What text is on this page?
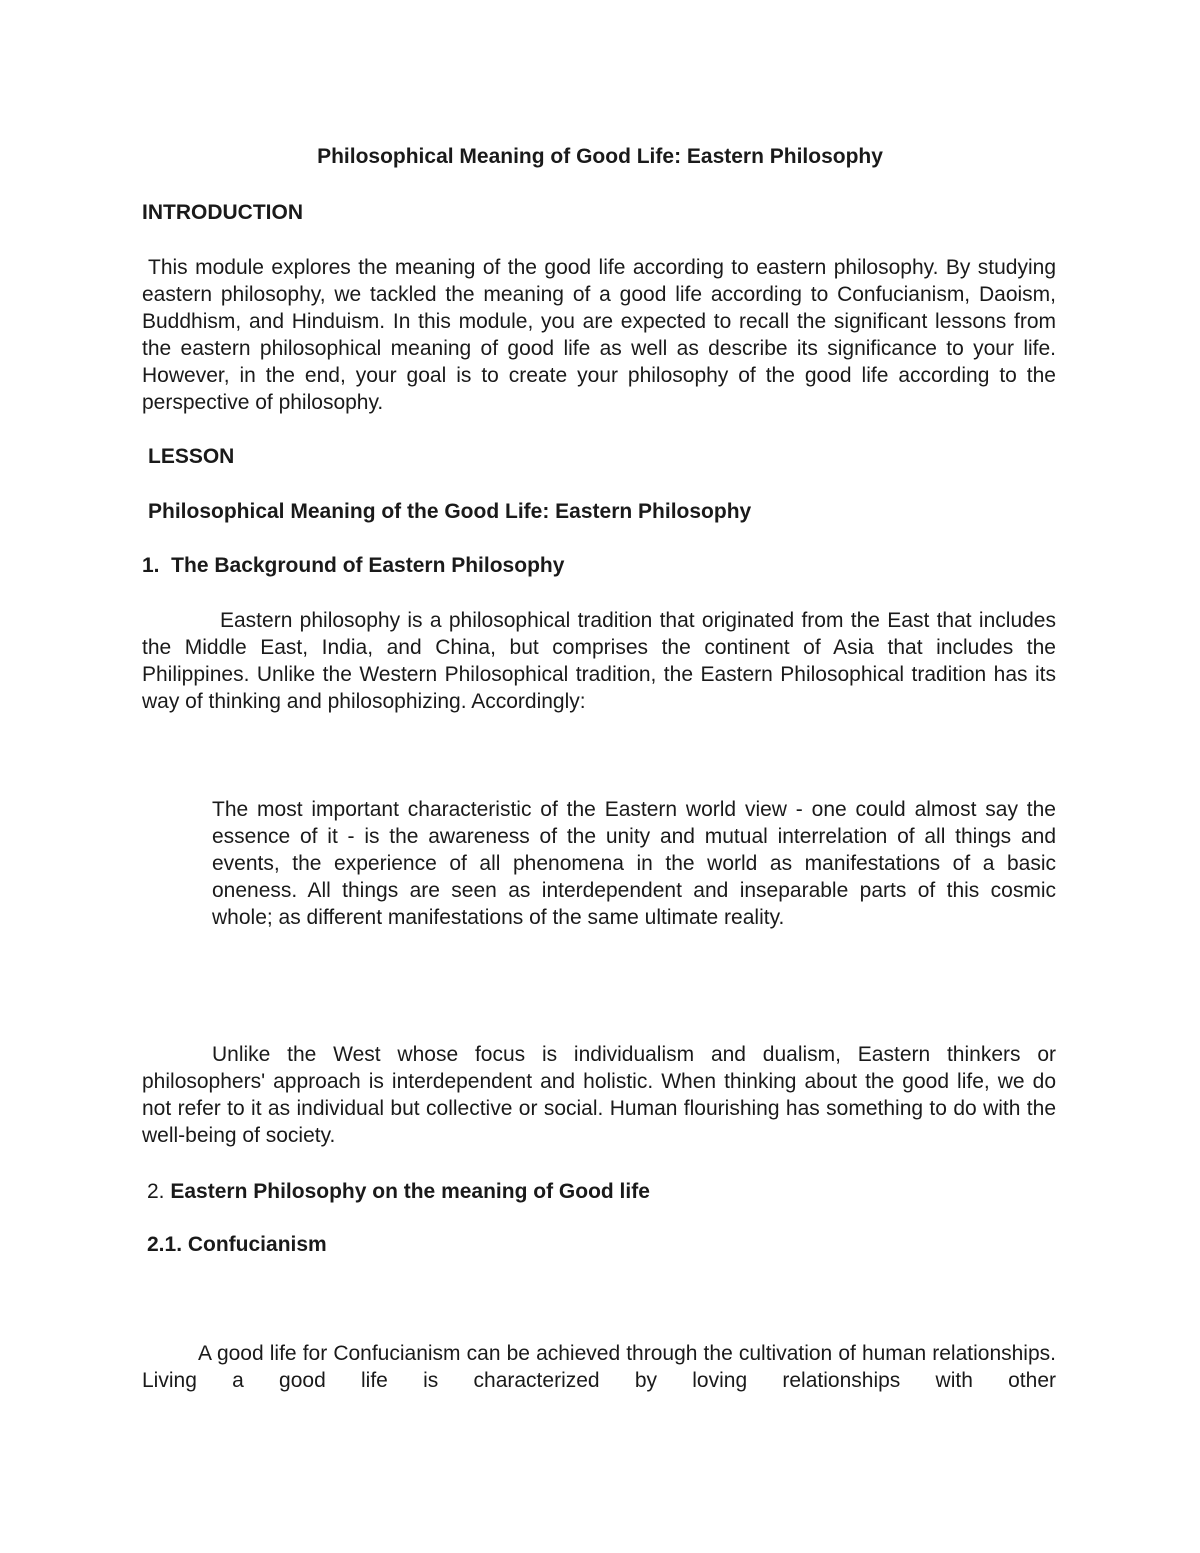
Philosophical Meaning of Good Life: Eastern Philosophy

INTRODUCTION

This module explores the meaning of the good life according to eastern philosophy. By studying eastern philosophy, we tackled the meaning of a good life according to Confucianism, Daoism, Buddhism, and Hinduism. In this module, you are expected to recall the significant lessons from the eastern philosophical meaning of good life as well as describe its significance to your life. However, in the end, your goal is to create your philosophy of the good life according to the perspective of philosophy.

LESSON

Philosophical Meaning of the Good Life: Eastern Philosophy

1.  The Background of Eastern Philosophy

Eastern philosophy is a philosophical tradition that originated from the East that includes the Middle East, India, and China, but comprises the continent of Asia that includes the Philippines. Unlike the Western Philosophical tradition, the Eastern Philosophical tradition has its way of thinking and philosophizing. Accordingly:

The most important characteristic of the Eastern world view - one could almost say the essence of it - is the awareness of the unity and mutual interrelation of all things and events, the experience of all phenomena in the world as manifestations of a basic oneness. All things are seen as interdependent and inseparable parts of this cosmic whole; as different manifestations of the same ultimate reality.

Unlike the West whose focus is individualism and dualism, Eastern thinkers or philosophers' approach is interdependent and holistic. When thinking about the good life, we do not refer to it as individual but collective or social. Human flourishing has something to do with the well-being of society.

2. Eastern Philosophy on the meaning of Good life

2.1. Confucianism

A good life for Confucianism can be achieved through the cultivation of human relationships. Living a good life is characterized by loving relationships with other
